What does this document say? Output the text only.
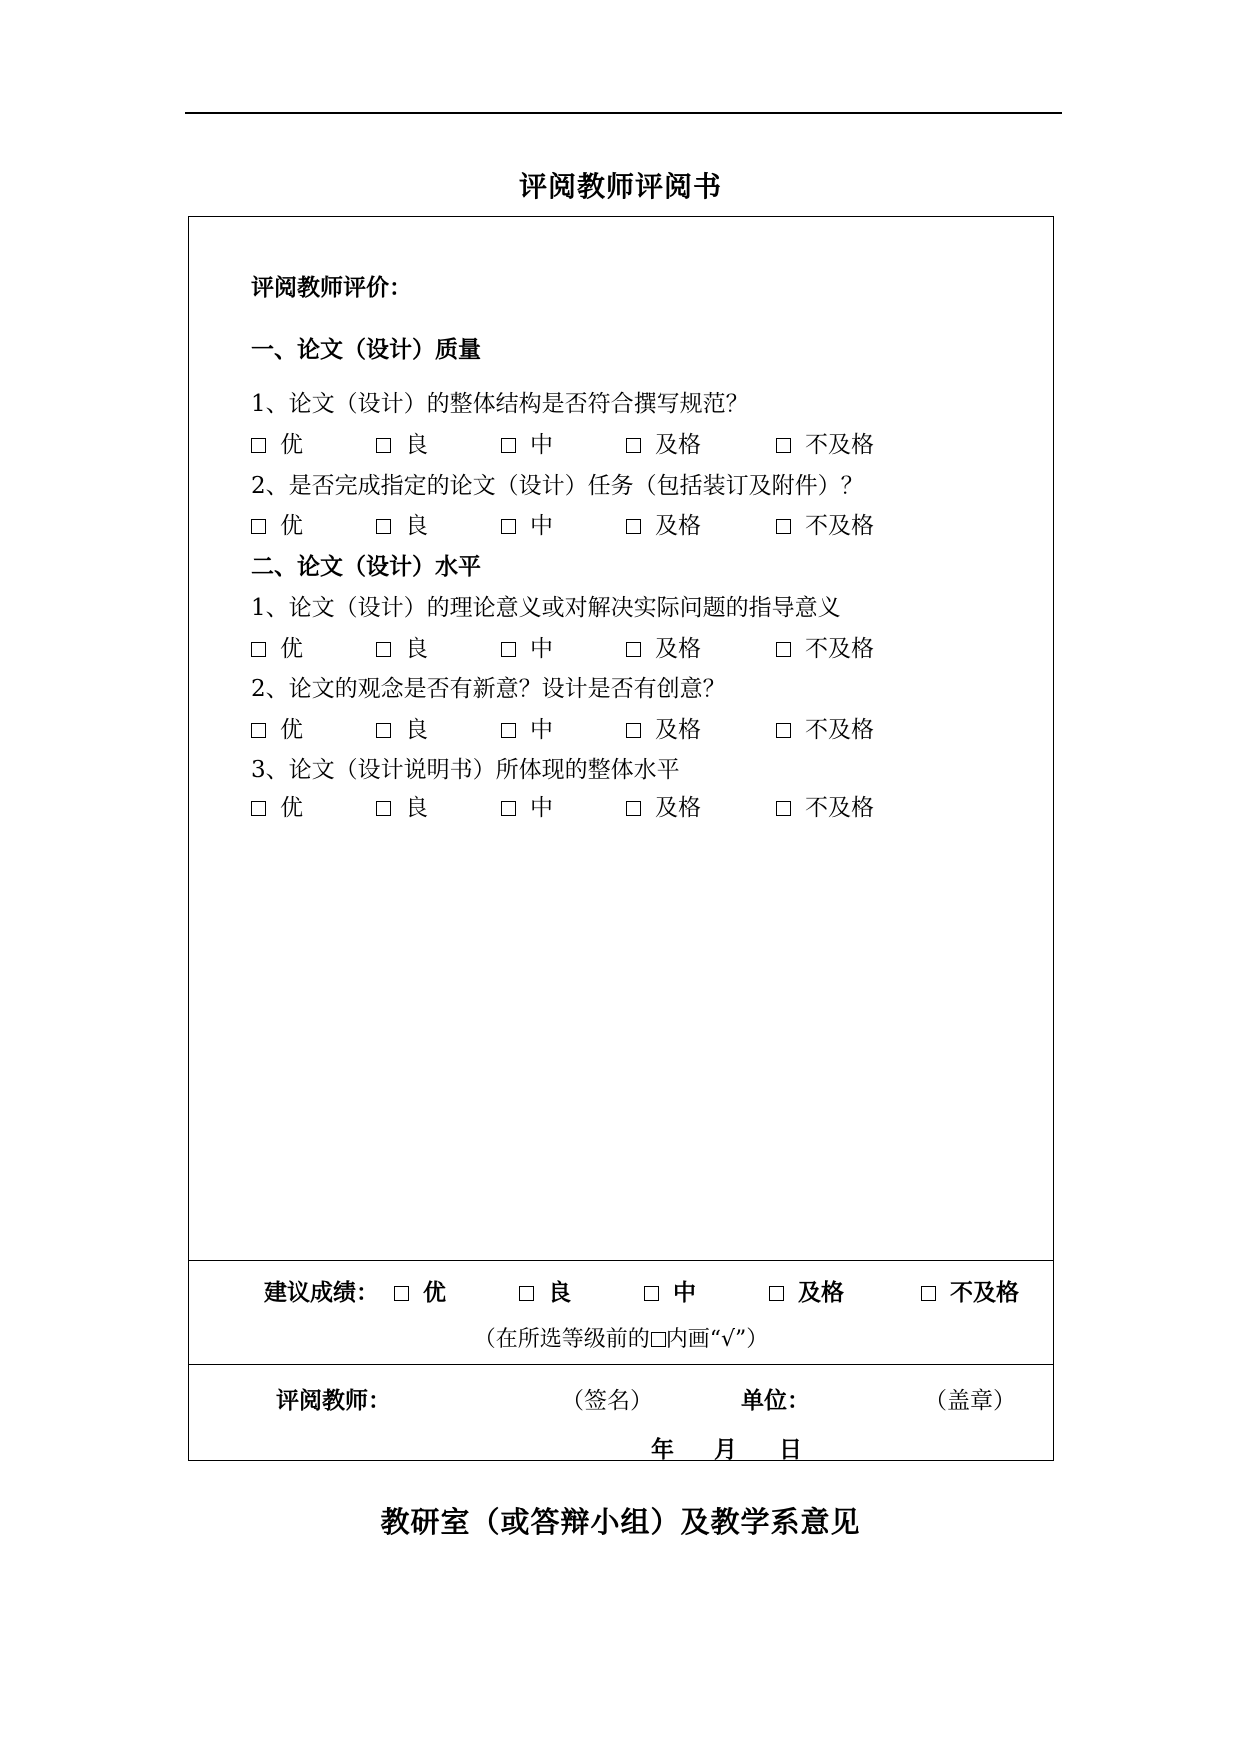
评阅教师评阅书
评阅教师评价：
一、论文（设计）质量
1、论文（设计）的整体结构是否符合撰写规范？
优	良	中	及格	不及格
2、是否完成指定的论文（设计）任务（包括装订及附件）？
优	良	中	及格	不及格
二、论文（设计）水平
1、论文（设计）的理论意义或对解决实际问题的指导意义
优	良	中	及格	不及格
2、论文的观念是否有新意？设计是否有创意？
优	良	中	及格	不及格
3、论文（设计说明书）所体现的整体水平
优	良	中	及格	不及格
建议成绩：	优	良	中	及格	不及格
（在所选等级前的 内画“√”）
评阅教师：	（签名）	单位：	（盖章）
年 月 日
教研室（或答辩小组）及教学系意见
